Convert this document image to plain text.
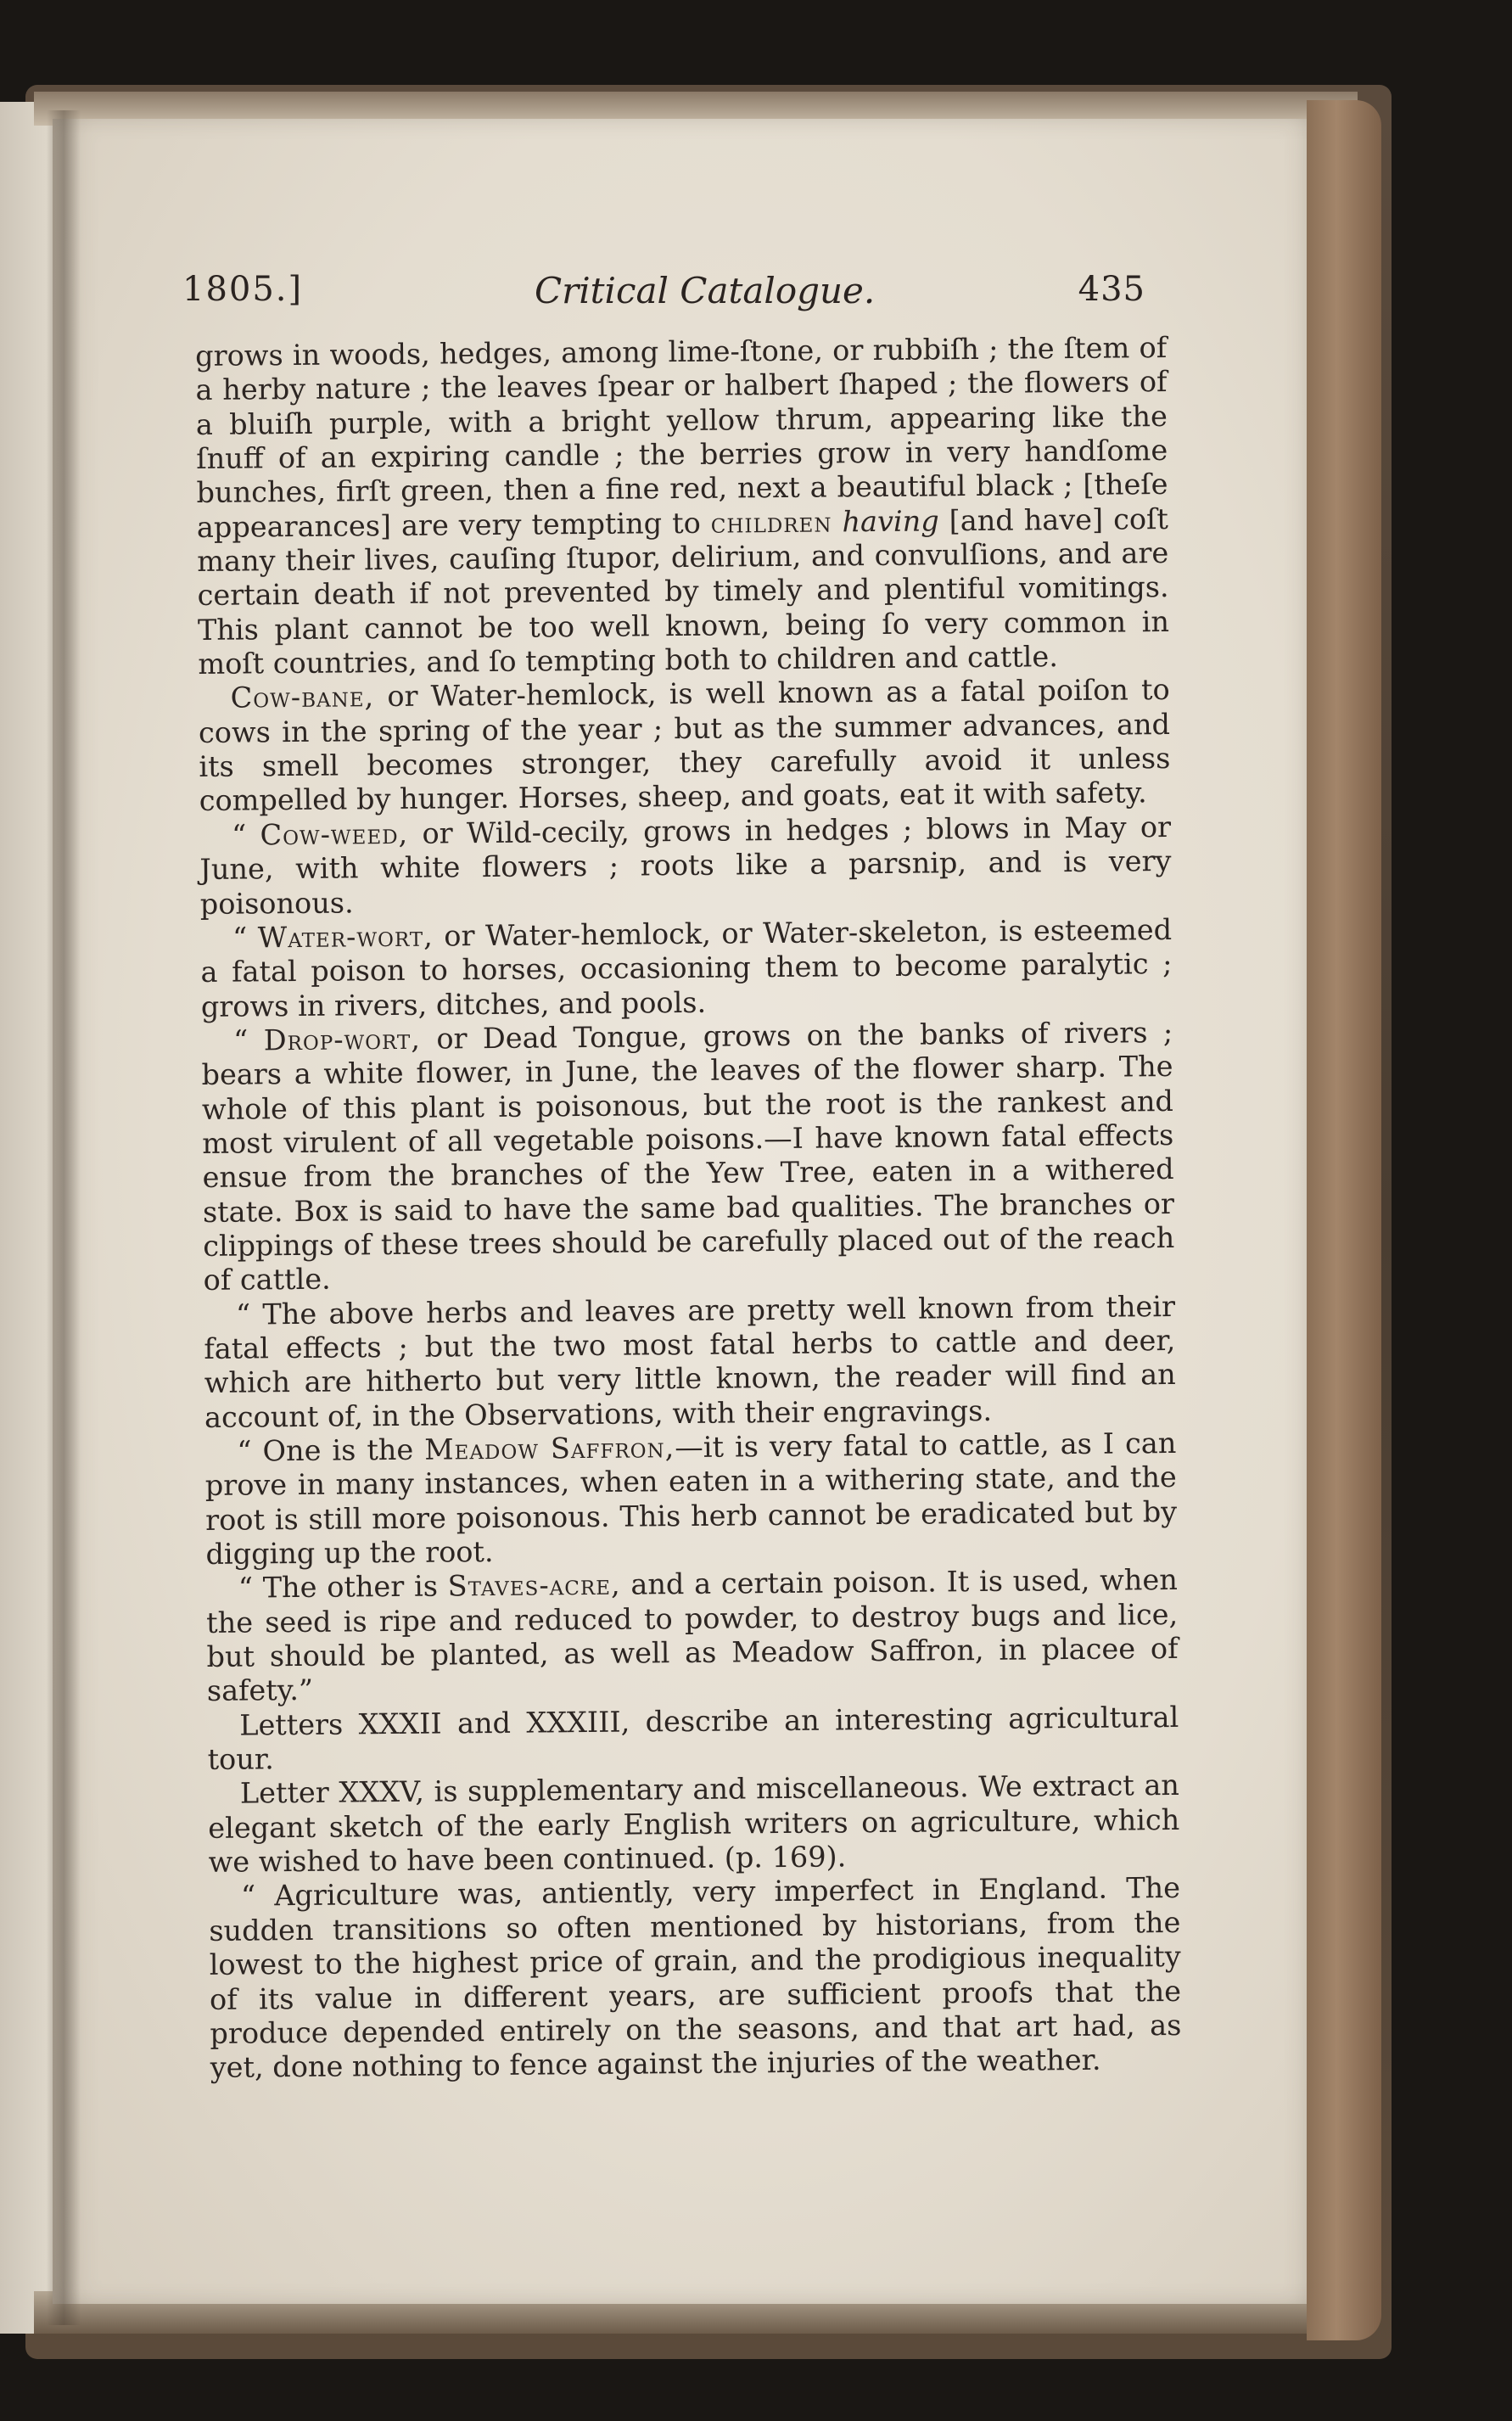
1805.]	Critical Catalogue.	435

grows in woods, hedges, among lime-ſtone, or rubbiſh ; the ſtem of a herby nature ; the leaves ſpear or halbert ſhaped ; the flowers of a bluiſh purple, with a bright yellow thrum, appearing like the ſnuff of an expiring candle ; the berries grow in very handſome bunches, firſt green, then a fine red, next a beautiful black ; [theſe appearances] are very tempting to children having [and have] coſt many their lives, cauſing ſtupor, delirium, and convulſions, and are certain death if not prevented by timely and plentiful vomitings. This plant cannot be too well known, being ſo very common in moſt countries, and ſo tempting both to children and cattle.

Cow-bane, or Water-hemlock, is well known as a fatal poiſon to cows in the spring of the year ; but as the summer advances, and its smell becomes stronger, they carefully avoid it unless compelled by hunger. Horses, sheep, and goats, eat it with safety.

“ Cow-weed, or Wild-cecily, grows in hedges ; blows in May or June, with white flowers ; roots like a parsnip, and is very poisonous.

“ Water-wort, or Water-hemlock, or Water-skeleton, is esteemed a fatal poison to horses, occasioning them to become paralytic ; grows in rivers, ditches, and pools.

“ Drop-wort, or Dead Tongue, grows on the banks of rivers ; bears a white flower, in June, the leaves of the flower sharp. The whole of this plant is poisonous, but the root is the rankest and most virulent of all vegetable poisons.—I have known fatal effects ensue from the branches of the Yew Tree, eaten in a withered state. Box is said to have the same bad qualities. The branches or clippings of these trees should be carefully placed out of the reach of cattle.

“ The above herbs and leaves are pretty well known from their fatal effects ; but the two most fatal herbs to cattle and deer, which are hitherto but very little known, the reader will find an account of, in the Observations, with their engravings.

“ One is the Meadow Saffron,—it is very fatal to cattle, as I can prove in many instances, when eaten in a withering state, and the root is still more poisonous. This herb cannot be eradicated but by digging up the root.

“ The other is Staves-acre, and a certain poison. It is used, when the seed is ripe and reduced to powder, to destroy bugs and lice, but should be planted, as well as Meadow Saffron, in placee of safety.”

Letters XXXII and XXXIII, describe an interesting agricultural tour.

Letter XXXV, is supplementary and miscellaneous. We extract an elegant sketch of the early English writers on agriculture, which we wished to have been continued. (p. 169).

“ Agriculture was, antiently, very imperfect in England. The sudden transitions so often mentioned by historians, from the lowest to the highest price of grain, and the prodigious inequality of its value in different years, are sufficient proofs that the produce depended entirely on the seasons, and that art had, as yet, done nothing to fence against the injuries of the weather.
